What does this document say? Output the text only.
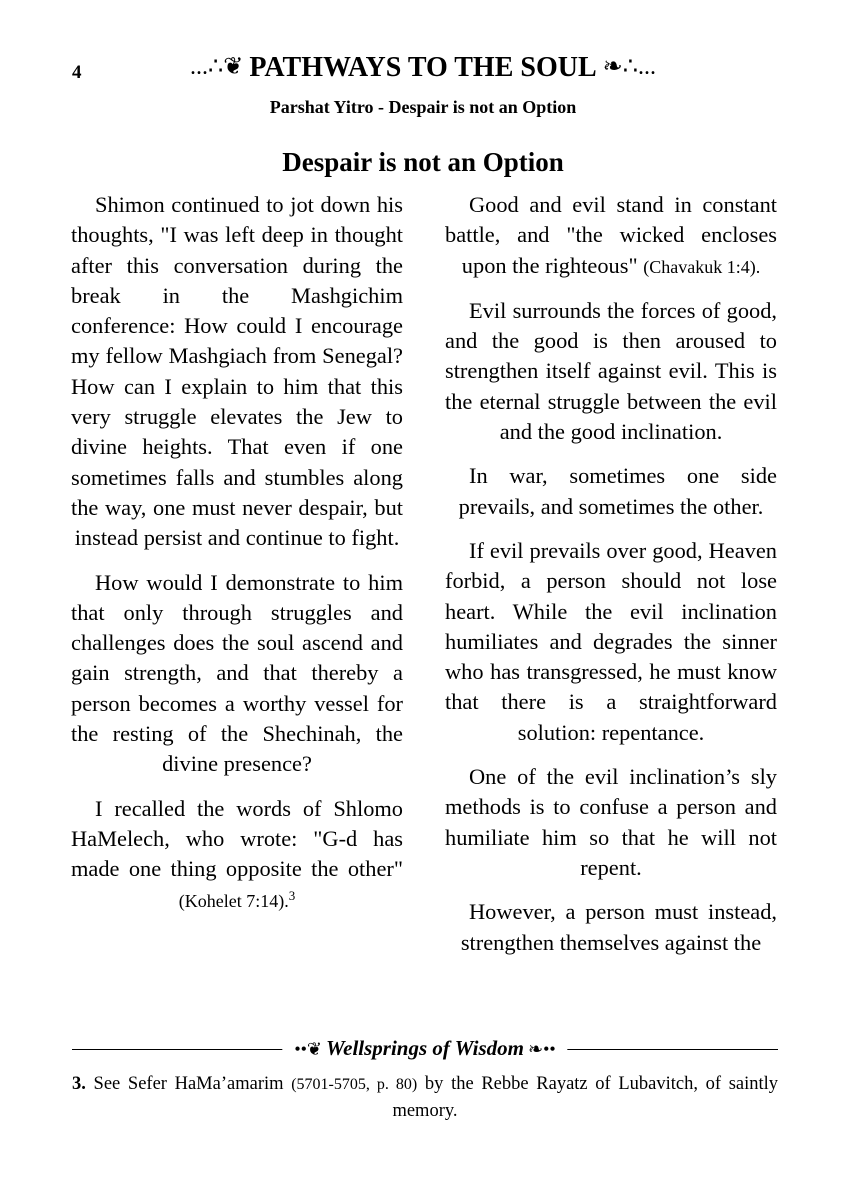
4	...∴❦ PATHWAYS TO THE SOUL ❧∴...
Parshat Yitro - Despair is not an Option
Despair is not an Option

Shimon continued to jot down his thoughts, "I was left deep in thought after this conversation during the break in the Mashgichim conference: How could I encourage my fellow Mashgiach from Senegal? How can I explain to him that this very struggle elevates the Jew to divine heights. That even if one sometimes falls and stumbles along the way, one must never despair, but instead persist and continue to fight.

How would I demonstrate to him that only through struggles and challenges does the soul ascend and gain strength, and that thereby a person becomes a worthy vessel for the resting of the Shechinah, the divine presence?

I recalled the words of Shlomo HaMelech, who wrote: "G-d has made one thing opposite the other" (Kohelet 7:14).$^3$

Good and evil stand in constant battle, and "the wicked encloses upon the righteous" (Chavakuk 1:4).

Evil surrounds the forces of good, and the good is then aroused to strengthen itself against evil. This is the eternal struggle between the evil and the good inclination.

In war, sometimes one side prevails, and sometimes the other.

If evil prevails over good, Heaven forbid, a person should not lose heart. While the evil inclination humiliates and degrades the sinner who has transgressed, he must know that there is a straightforward solution: repentance.

One of the evil inclination’s sly methods is to confuse a person and humiliate him so that he will not repent.

However, a person must instead, strengthen themselves against the

••❦ Wellsprings of Wisdom ❧••
3. See Sefer HaMa’amarim (5701-5705, p. 80) by the Rebbe Rayatz of Lubavitch, of saintly memory.
